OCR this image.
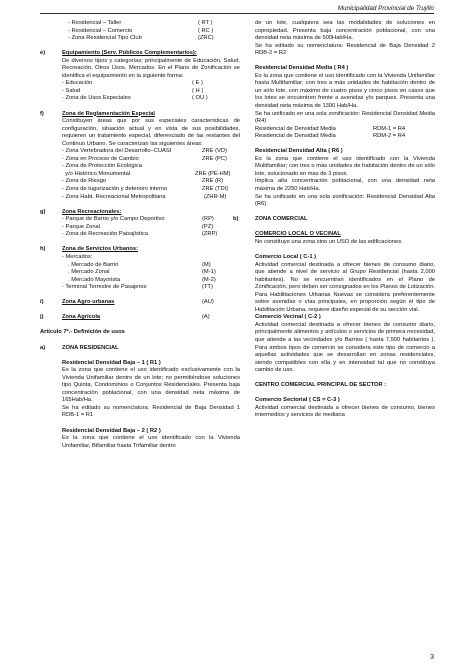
Municipalidad Provincial de Trujillo
- Residencial – Taller	( RT )
- Residencial – Comercio	( RC )
- Zona Residencial Tipo Club	(ZRC)
e)	Equipamiento (Serv. Públicos Complementarios):
De diversos tipos y categorías; principalmente de Educación, Salud, Recreación, Otros Usos, Mercados. En el Plano de Zonificación se identifica el equipamiento en la siguiente forma:
- Educación	( E )
- Salud	( H )
- Zona de Usos Especiales	( OU )
f)	Zona de Reglamentación Especial
Constituyen áreas que por sus especiales características de configuración, situación actual y en vista de sus posibilidades, requieren un tratamiento especial, diferenciado de las restantes del Continuo Urbano. Se caracterizan las siguientes áreas:
- Zona Vertebradora del Desarrollo–CUASI	ZRE (VD)
- Zona en Proceso de Cambio	ZRE (PC)
- Zona de Protección Ecológica
y/o Histórico Monumental	ZRE (PE-HM)
- Zona de Riesgo	ZRE (R)
- Zona de tugurización y deterioro interno	ZRE (TDI)
- Zona Habt. Recreacional Metropolitana	(ZHR-M)
g)	Zona Recreacionales:
- Parque de Barrio y/o Campo Deportivo	(RP)
- Parque Zonal	(PZ)
- Zona de Recreación Paisajística	(ZRP)
h)	Zona de Servicios Urbanos:
- Mercados:
. Mercado de Barrio	(M)
. Mercado Zonal	(M-1)
. Mercado Mayorista	(M-2)
- Terminal Terrestre de Pasajeros	(TT)
i)	Zona Agro urbanas	(AU)
j)	Zona Agrícola	(A)
Artículo 7º.- Definición de usos
a)	ZONA RESIDENCIAL
Residencial Densidad Baja – 1 ( R1 )
Es la zona que contiene el uso identificado exclusivamente con la Vivienda Unifamiliar dentro de un lote; no permitiéndose soluciones tipo Quinta, Condominios o Conjuntos Residenciales. Presenta baja concentración poblacional, con una densidad neta máxima de 165Hab/Ha.
Se ha editado su nomenclatura: Residencial de Baja Densidad 1     RDB-1 = R1
Residencial Densidad Baja – 2 ( R2 )
Es la zona que contiene el uso identificado con la Vivienda Unifamiliar, Bifamiliar hasta Trifamiliar dentro
de un lote, cualquiera sea las modalidades de soluciones en copropiedad. Presenta baja concentración poblacional, con una densidad neta máxima de 500Hab/Ha.
Se ha editado su nomenclatura: Residencial de Baja Densidad 2     RDB-2 = R2
Residencial Densidad Media ( R4 )
Es la zona que contiene el uso identificado con la Vivienda Unifamiliar hasta Multifamiliar; con tres a más unidades de habitación dentro de un sólo lote, con máximo de cuatro pisos y cinco pisos en casos que los lotes se encuentren frente a avenidas y/o parques. Presenta una densidad neta máxima de 1300 Hab/Ha.
Se ha unificado en una sola zonificación: Residencial Densidad Media (R4)
Residencial de Densidad Media	RDM-1 = R4
Residencial de Densidad Media	RDM-2 = R4
Residencial Densidad Alta ( R6 )
Es la zona que contiene el uso identificado con la Vivienda Multifamiliar; con tres o más unidades de habitación dentro de un sólo lote, solucionado en mas de 3 pisos.
Implica alta concentración poblacional, con una densidad neta máxima de 2250 Hab/Ha.
Se ha unificado en una sola zonificación: Residencial Densidad Alta (R6)
b)	ZONA COMERCIAL
COMERCIO LOCAL O VECINAL
No constituye una zona sino un USO de las edificaciones.
Comercio Local ( C-1 )
Actividad comercial destinada a ofrecer bienes de consumo diario, que atiende a nivel de servicio al Grupo Residencial (hasta 2,000 habitantes). No se encuentran identificados en el Plano de Zonificación, pero deben ser consignados en los Planos de Lotización. Para Habilitaciones Urbanas Nuevas se considera preferentemente sobre avenidas o vías principales, en proporción según el tipo de Habilitación Urbana, requiere diseño especial de su sección vial.
Comercio Vecinal ( C-2 )
Actividad comercial destinada a ofrecer bienes de consumo diario, principalmente alimentos y artículos o servicios de primera necesidad, que atiende a las vecindades y/o Barrios ( hasta 7,500 habitantes ). Para ambos tipos de comercio se considera este tipo de comercio a aquellas actividades que se desarrollan en zonas residenciales, siendo compatibles con ella y en intensidad tal que no constituya cambio de uso.
CENTRO COMERCIAL PRINCIPAL DE SECTOR :
Comercio Sectorial ( CS = C-3 )
Actividad comercial destinada a ofrecer bienes de consumo, bienes intermedios y servicios de mediana
3
